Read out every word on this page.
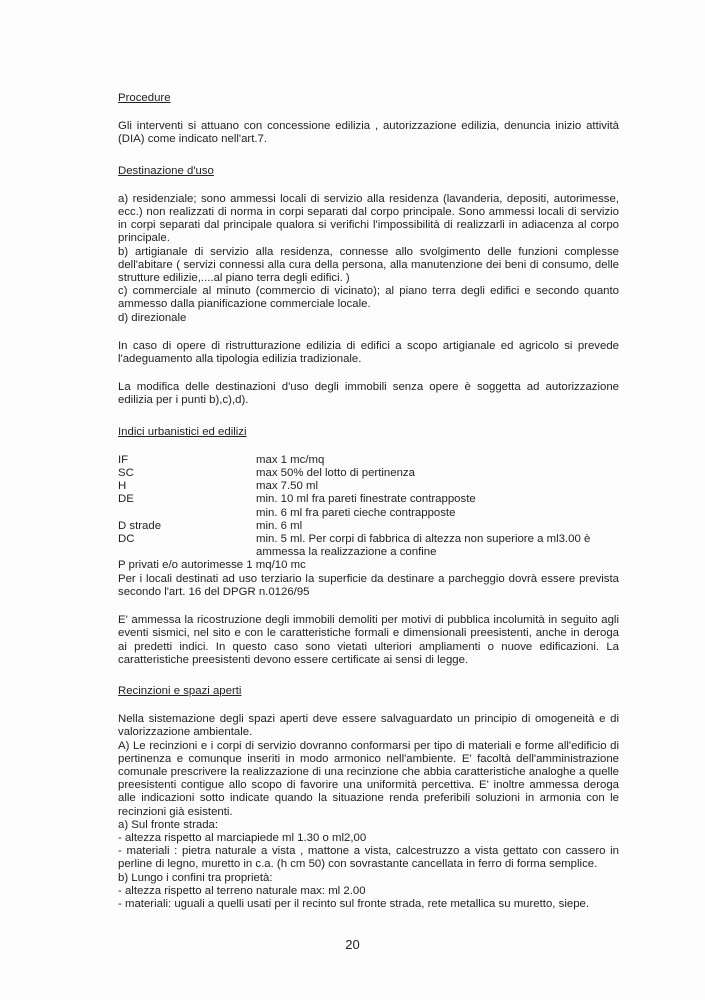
Procedure

Gli interventi si attuano con concessione edilizia , autorizzazione edilizia, denuncia inizio attività (DIA) come indicato nell'art.7.

Destinazione d'uso

a) residenziale; sono ammessi locali di servizio alla residenza (lavanderia, depositi, autorimesse, ecc.) non realizzati di norma in corpi separati dal corpo principale. Sono ammessi locali di servizio in corpi separati dal principale qualora si verifichi l'impossibilità di realizzarli in adiacenza al corpo principale.

b) artigianale di servizio alla residenza, connesse allo svolgimento delle funzioni complesse dell'abitare ( servizi connessi alla cura della persona, alla manutenzione dei beni di consumo, delle strutture edilizie,....al piano terra degli edifici. )

c) commerciale al minuto (commercio di vicinato); al piano terra degli edifici e secondo quanto ammesso dalla pianificazione commerciale locale.

d) direzionale

In caso di opere di ristrutturazione edilizia di edifici a scopo artigianale ed agricolo si prevede l'adeguamento alla tipologia edilizia tradizionale.

La modifica delle destinazioni d'uso degli immobili senza opere è soggetta ad autorizzazione edilizia per i punti b),c),d).

Indici urbanistici ed edilizi

IF	max 1 mc/mq
SC	max 50% del lotto di pertinenza
H	max 7.50 ml
DE	min. 10 ml fra pareti finestrate contrapposte
min. 6 ml fra pareti cieche contrapposte
D strade	min. 6 ml
DC	min. 5 ml. Per corpi di fabbrica di altezza non superiore a ml3.00 è ammessa la realizzazione a confine

P privati e/o autorimesse 1 mq/10 mc

Per i locali destinati ad uso terziario la superficie da destinare a parcheggio dovrà essere prevista secondo l'art. 16 del DPGR n.0126/95

E' ammessa la ricostruzione degli immobili demoliti per motivi di pubblica incolumità in seguito agli eventi sismici, nel sito e con le caratteristiche formali e dimensionali preesistenti, anche in deroga ai predetti indici. In questo caso sono vietati ulteriori ampliamenti o nuove edificazioni. La caratteristiche preesistenti devono essere certificate ai sensi di legge.

Recinzioni e spazi aperti

Nella sistemazione degli spazi aperti deve essere salvaguardato un principio di omogeneità e di valorizzazione ambientale.

A) Le recinzioni e i corpi di servizio dovranno conformarsi per tipo di materiali e forme all'edificio di pertinenza e comunque inseriti in modo armonico nell'ambiente. E' facoltà dell'amministrazione comunale prescrivere la realizzazione di una recinzione che abbia caratteristiche analoghe a quelle preesistenti contigue allo scopo di favorire una uniformità percettiva. E' inoltre ammessa deroga alle indicazioni sotto indicate quando la situazione renda preferibili soluzioni in armonia con le recinzioni già esistenti.

a) Sul fronte strada:

- altezza rispetto al marciapiede ml 1.30 o ml2,00

- materiali : pietra naturale a vista , mattone a vista, calcestruzzo a vista gettato con cassero in perline di legno, muretto in c.a. (h cm 50) con sovrastante cancellata in ferro di forma semplice.

b) Lungo i confini tra proprietà:

- altezza rispetto al terreno naturale max: ml 2.00

- materiali: uguali a quelli usati per il recinto sul fronte strada, rete metallica su muretto, siepe.

20
